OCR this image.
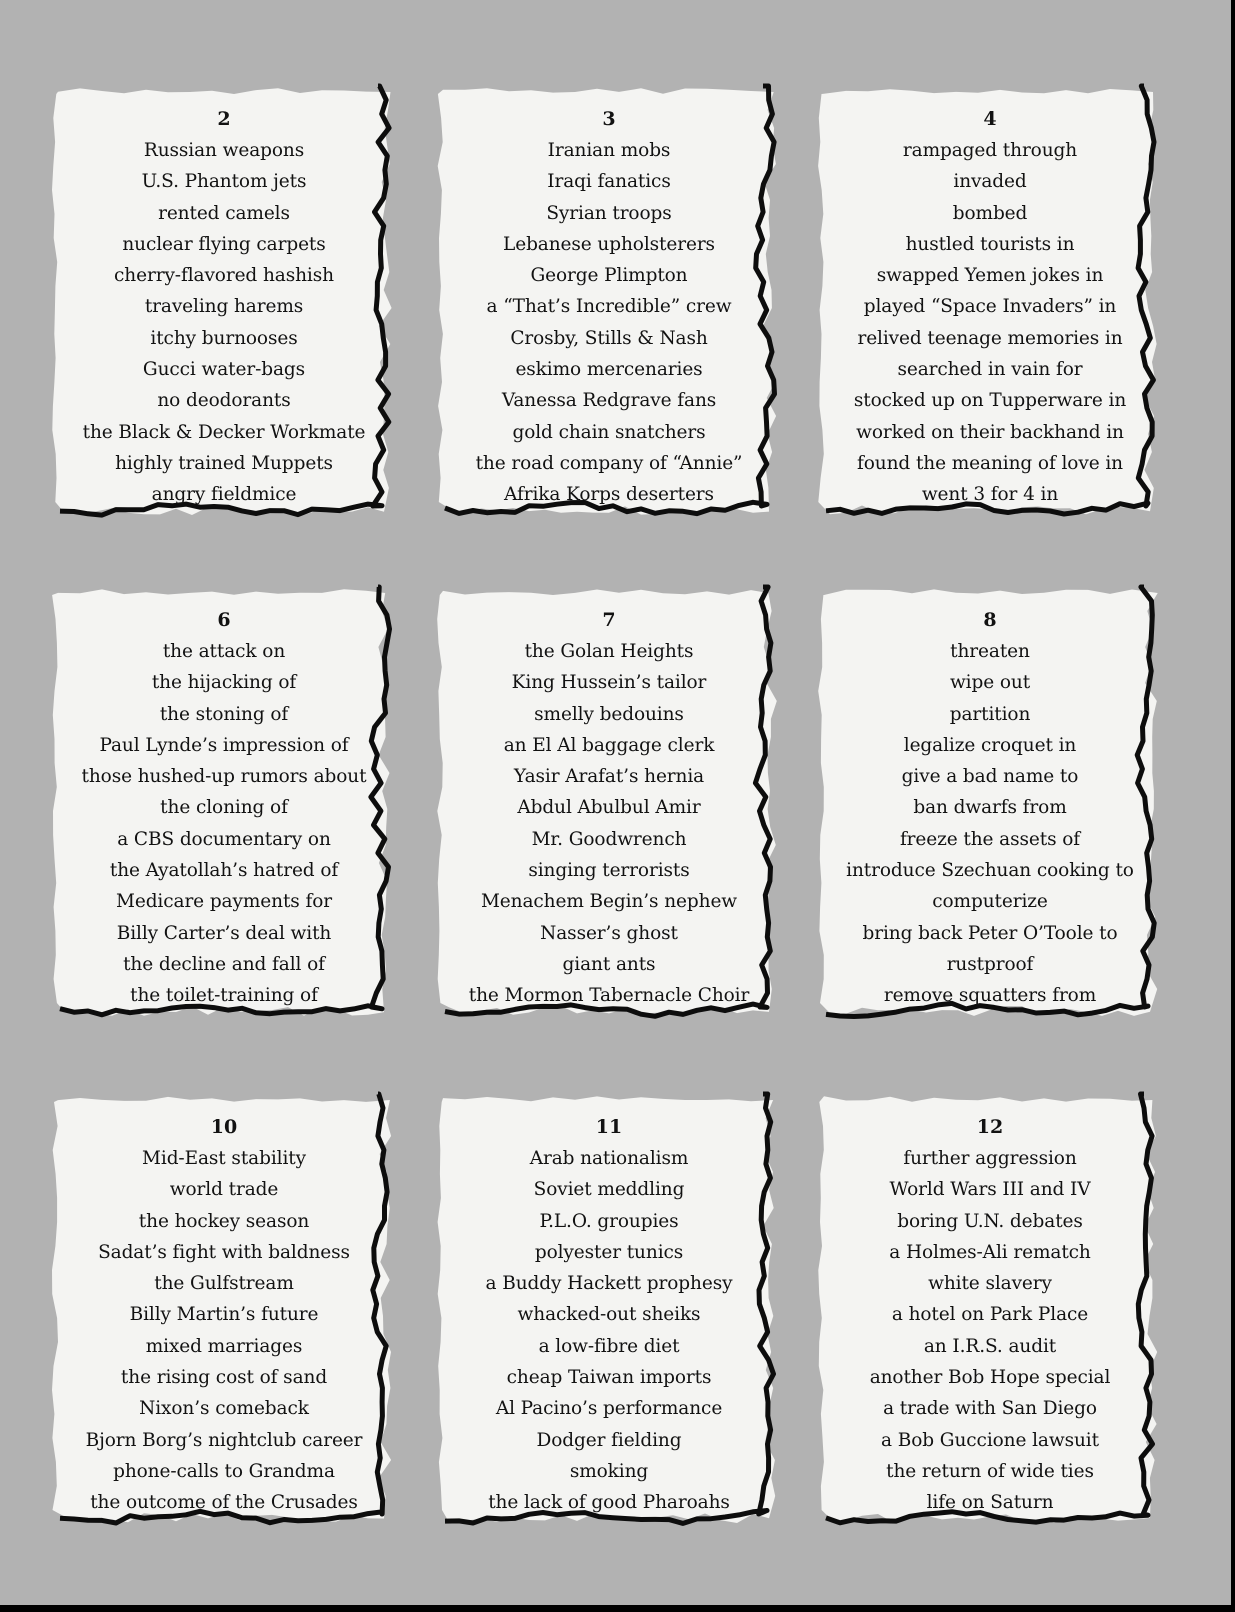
2
Russian weapons
U.S. Phantom jets
rented camels
nuclear flying carpets
cherry-flavored hashish
traveling harems
itchy burnooses
Gucci water-bags
no deodorants
the Black & Decker Workmate
highly trained Muppets
angry fieldmice
3
Iranian mobs
Iraqi fanatics
Syrian troops
Lebanese upholsterers
George Plimpton
a “That’s Incredible” crew
Crosby, Stills & Nash
eskimo mercenaries
Vanessa Redgrave fans
gold chain snatchers
the road company of “Annie”
Afrika Korps deserters
4
rampaged through
invaded
bombed
hustled tourists in
swapped Yemen jokes in
played “Space Invaders” in
relived teenage memories in
searched in vain for
stocked up on Tupperware in
worked on their backhand in
found the meaning of love in
went 3 for 4 in
6
the attack on
the hijacking of
the stoning of
Paul Lynde’s impression of
those hushed-up rumors about
the cloning of
a CBS documentary on
the Ayatollah’s hatred of
Medicare payments for
Billy Carter’s deal with
the decline and fall of
the toilet-training of
7
the Golan Heights
King Hussein’s tailor
smelly bedouins
an El Al baggage clerk
Yasir Arafat’s hernia
Abdul Abulbul Amir
Mr. Goodwrench
singing terrorists
Menachem Begin’s nephew
Nasser’s ghost
giant ants
the Mormon Tabernacle Choir
8
threaten
wipe out
partition
legalize croquet in
give a bad name to
ban dwarfs from
freeze the assets of
introduce Szechuan cooking to
computerize
bring back Peter O’Toole to
rustproof
remove squatters from
10
Mid-East stability
world trade
the hockey season
Sadat’s fight with baldness
the Gulfstream
Billy Martin’s future
mixed marriages
the rising cost of sand
Nixon’s comeback
Bjorn Borg’s nightclub career
phone-calls to Grandma
the outcome of the Crusades
11
Arab nationalism
Soviet meddling
P.L.O. groupies
polyester tunics
a Buddy Hackett prophesy
whacked-out sheiks
a low-fibre diet
cheap Taiwan imports
Al Pacino’s performance
Dodger fielding
smoking
the lack of good Pharoahs
12
further aggression
World Wars III and IV
boring U.N. debates
a Holmes-Ali rematch
white slavery
a hotel on Park Place
an I.R.S. audit
another Bob Hope special
a trade with San Diego
a Bob Guccione lawsuit
the return of wide ties
life on Saturn
